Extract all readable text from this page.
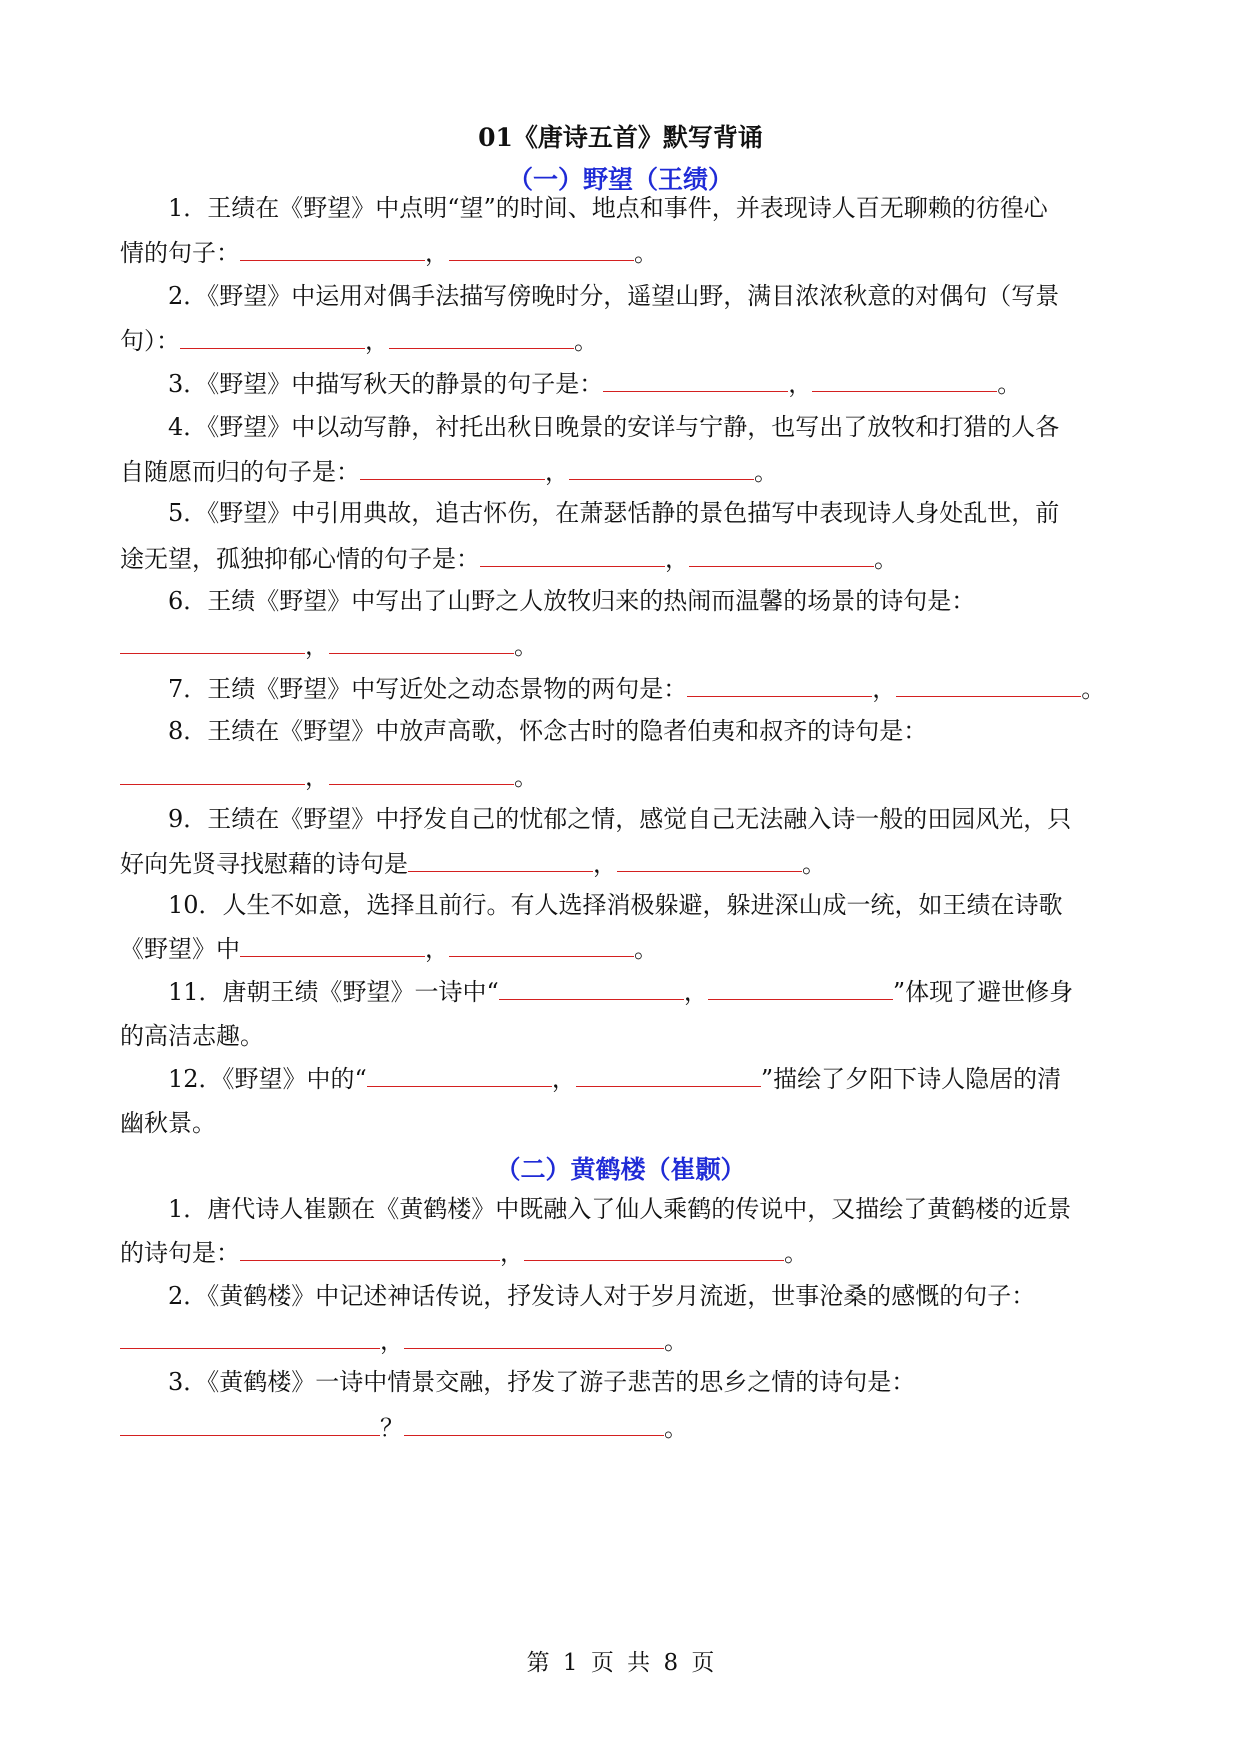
01《唐诗五首》默写背诵
（一）野望（王绩）
1．王绩在《野望》中点明“望”的时间、地点和事件，并表现诗人百无聊赖的彷徨心
情的句子：	，	。
2．《野望》中运用对偶手法描写傍晚时分，遥望山野，满目浓浓秋意的对偶句（写景
句）：	，	。
3．《野望》中描写秋天的静景的句子是：	，	。
4．《野望》中以动写静，衬托出秋日晚景的安详与宁静，也写出了放牧和打猎的人各
自随愿而归的句子是：	，	。
5．《野望》中引用典故，追古怀伤，在萧瑟恬静的景色描写中表现诗人身处乱世，前
途无望，孤独抑郁心情的句子是：	，	。
6．王绩《野望》中写出了山野之人放牧归来的热闹而温馨的场景的诗句是：
，	。
7．王绩《野望》中写近处之动态景物的两句是：	，	。
8．王绩在《野望》中放声高歌，怀念古时的隐者伯夷和叔齐的诗句是：
，	。
9．王绩在《野望》中抒发自己的忧郁之情，感觉自己无法融入诗一般的田园风光，只
好向先贤寻找慰藉的诗句是	，	。
10．人生不如意，选择且前行。有人选择消极躲避，躲进深山成一统，如王绩在诗歌
《野望》中	，	。
11．唐朝王绩《野望》一诗中“	，	”体现了避世修身
的高洁志趣。
12．《野望》中的“	，	”描绘了夕阳下诗人隐居的清
幽秋景。
（二）黄鹤楼（崔颢）
1．唐代诗人崔颢在《黄鹤楼》中既融入了仙人乘鹤的传说中，又描绘了黄鹤楼的近景
的诗句是：	，	。
2．《黄鹤楼》中记述神话传说，抒发诗人对于岁月流逝，世事沧桑的感慨的句子：
，	。
3．《黄鹤楼》一诗中情景交融，抒发了游子悲苦的思乡之情的诗句是：
？	。
第 1 页 共 8 页
